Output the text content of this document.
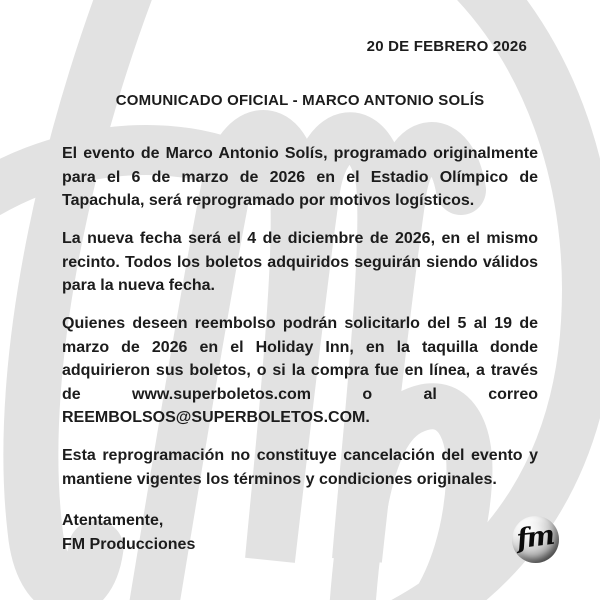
20 DE FEBRERO 2026
COMUNICADO OFICIAL - MARCO ANTONIO SOLÍS

El evento de Marco Antonio Solís, programado originalmente para el 6 de marzo de 2026 en el Estadio Olímpico de Tapachula, será reprogramado por motivos logísticos.

La nueva fecha será el 4 de diciembre de 2026, en el mismo recinto. Todos los boletos adquiridos seguirán siendo válidos para la nueva fecha.

Quienes deseen reembolso podrán solicitarlo del 5 al 19 de marzo de 2026 en el Holiday Inn, en la taquilla donde adquirieron sus boletos, o si la compra fue en línea, a través de www.superboletos.com o al correo REEMBOLSOS@SUPERBOLETOS.COM.

Esta reprogramación no constituye cancelación del evento y mantiene vigentes los términos y condiciones originales.

Atentamente,
FM Producciones	fm
